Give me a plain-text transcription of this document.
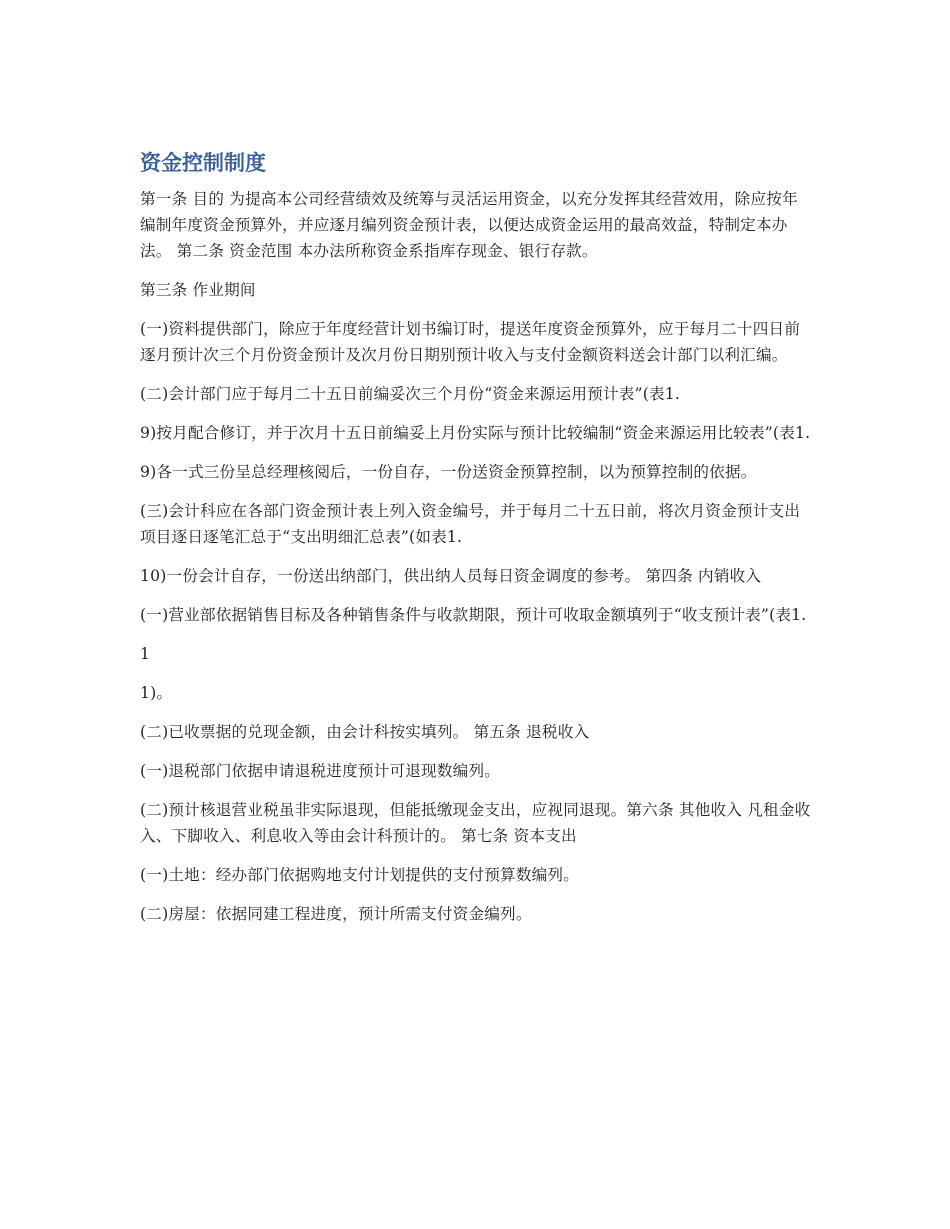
资金控制制度

第一条 目的 为提高本公司经营绩效及统筹与灵活运用资金，以充分发挥其经营效用，除应按年编制年度资金预算外，并应逐月编列资金预计表，以便达成资金运用的最高效益，特制定本办法。 第二条 资金范围 本办法所称资金系指库存现金、银行存款。

第三条 作业期间

(一)资料提供部门，除应于年度经营计划书编订时，提送年度资金预算外，应于每月二十四日前逐月预计次三个月份资金预计及次月份日期别预计收入与支付金额资料送会计部门以利汇编。

(二)会计部门应于每月二十五日前编妥次三个月份“资金来源运用预计表”(表1.

9)按月配合修订，并于次月十五日前编妥上月份实际与预计比较编制“资金来源运用比较表”(表1.

9)各一式三份呈总经理核阅后，一份自存，一份送资金预算控制，以为预算控制的依据。

(三)会计科应在各部门资金预计表上列入资金编号，并于每月二十五日前，将次月资金预计支出项目逐日逐笔汇总于“支出明细汇总表”(如表1.

10)一份会计自存，一份送出纳部门，供出纳人员每日资金调度的参考。 第四条 内销收入

(一)营业部依据销售目标及各种销售条件与收款期限，预计可收取金额填列于“收支预计表”(表1.

1

1)。

(二)已收票据的兑现金额，由会计科按实填列。 第五条 退税收入

(一)退税部门依据申请退税进度预计可退现数编列。

(二)预计核退营业税虽非实际退现，但能抵缴现金支出，应视同退现。第六条 其他收入 凡租金收入、下脚收入、利息收入等由会计科预计的。 第七条 资本支出

(一)土地：经办部门依据购地支付计划提供的支付预算数编列。

(二)房屋：依据同建工程进度，预计所需支付资金编列。
